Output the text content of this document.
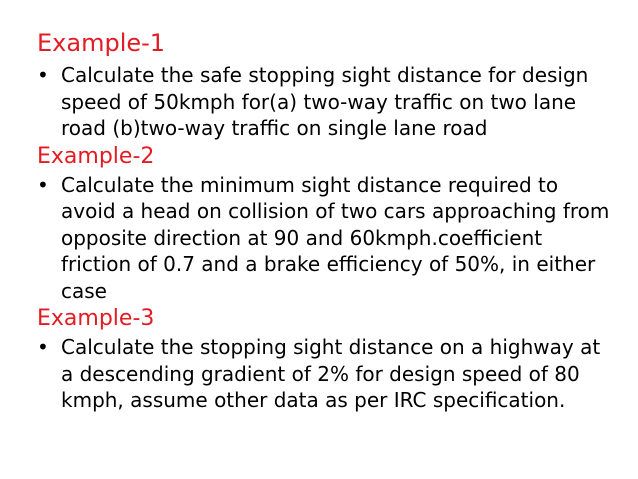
Example-1
• Calculate the safe stopping sight distance for design speed of 50kmph for(a) two-way traffic on two lane road (b)two-way traffic on single lane road
Example-2
• Calculate the minimum sight distance required to avoid a head on collision of two cars approaching from opposite direction at 90 and 60kmph.coefficient friction of 0.7 and a brake efficiency of 50%, in either case
Example-3
• Calculate the stopping sight distance on a highway at a descending gradient of 2% for design speed of 80 kmph, assume other data as per IRC specification.
